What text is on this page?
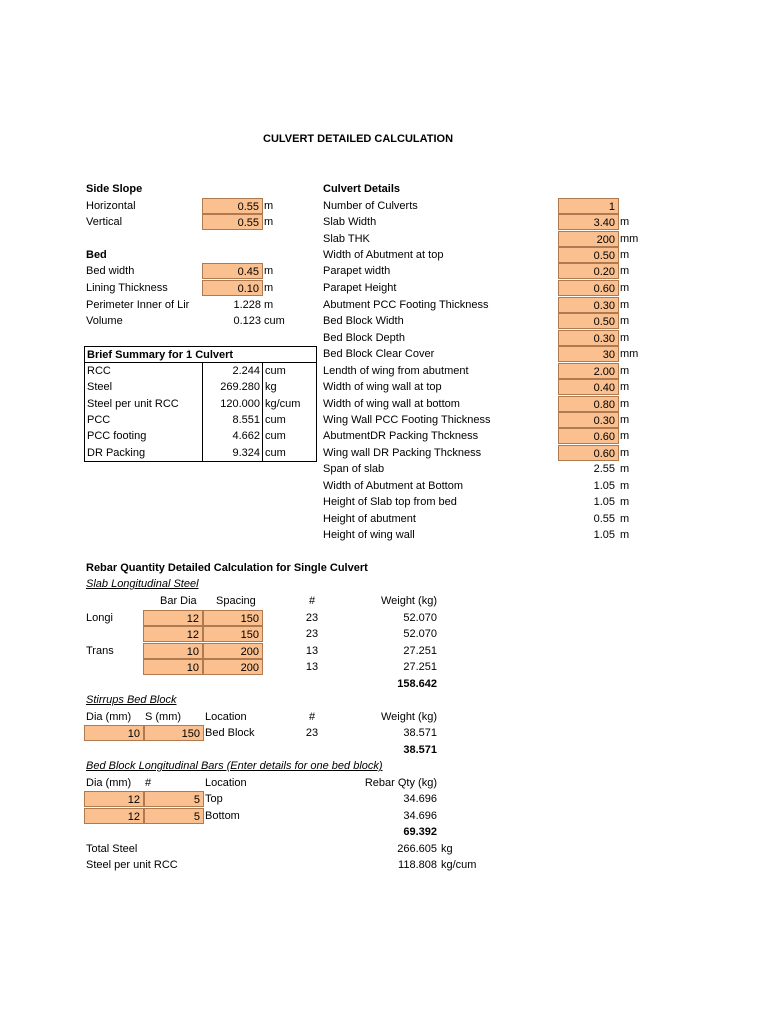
CULVERT DETAILED CALCULATION
Side Slope
Horizontal	0.55 m
Vertical	0.55 m
Bed
Bed width	0.45 m
Lining Thickness	0.10 m
Perimeter Inner of Lir	1.228 m
Volume	0.123 cum
Brief Summary for 1 Culvert
RCC	2.244 cum
Steel	269.280 kg
Steel per unit RCC	120.000 kg/cum
PCC	8.551 cum
PCC footing	4.662 cum
DR Packing	9.324 cum
Culvert Details
Number of Culverts	1
Slab Width	3.40 m
Slab THK	200 mm
Width of Abutment at top	0.50 m
Parapet width	0.20 m
Parapet Height	0.60 m
Abutment PCC Footing Thickness	0.30 m
Bed Block Width	0.50 m
Bed Block Depth	0.30 m
Bed Block Clear Cover	30 mm
Lendth of wing from abutment	2.00 m
Width of wing wall at top	0.40 m
Width of wing wall at bottom	0.80 m
Wing Wall PCC Footing Thickness	0.30 m
AbutmentDR Packing Thckness	0.60 m
Wing wall DR Packing Thckness	0.60 m
Span of slab	2.55 m
Width of Abutment at Bottom	1.05 m
Height of Slab top from bed	1.05 m
Height of abutment	0.55 m
Height of wing wall	1.05 m
Rebar Quantity Detailed Calculation for Single Culvert
Slab Longitudinal Steel
Bar Dia Spacing	#	Weight (kg)
Longi	12	150	23	52.070
12	150	23	52.070
Trans	10	200	13	27.251
10	200	13	27.251
158.642
Stirrups Bed Block
Dia (mm) S (mm) Location	#	Weight (kg)
10	150 Bed Block	23	38.571
38.571
Bed Block Longitudinal Bars (Enter details for one bed block)
Dia (mm) #	Location	Rebar Qty (kg)
12	5 Top	34.696
12	5 Bottom	34.696
69.392
Total Steel	266.605 kg
Steel per unit RCC	118.808 kg/cum
